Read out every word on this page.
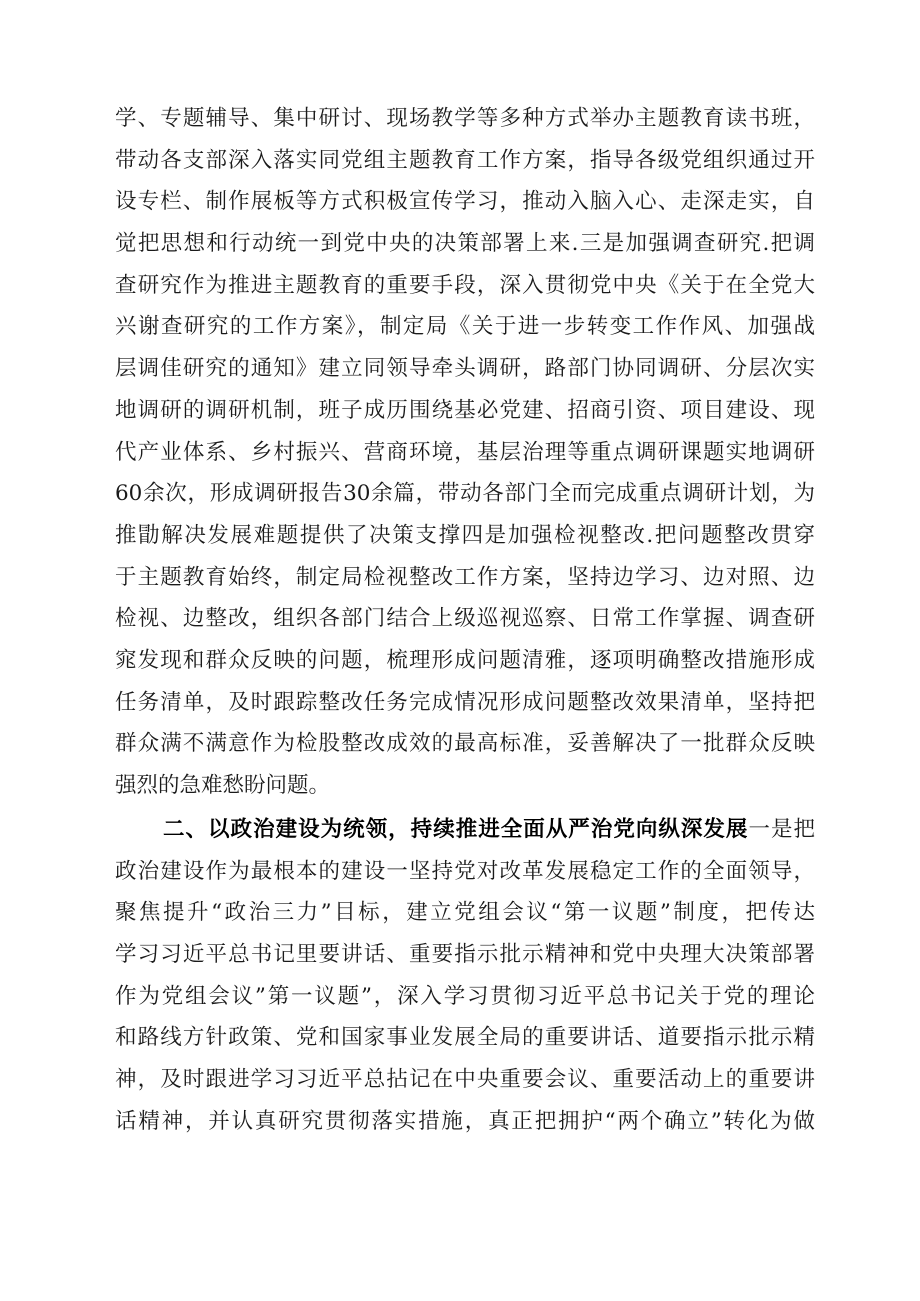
学、专题辅导、集中研讨、现场教学等多种方式举办主题教育读书班，
带动各支部深入落实同党组主题教育工作方案，指导各级党组织通过开
设专栏、制作展板等方式积极宣传学习，推动入脑入心、走深走实，自
觉把思想和行动统一到党中央的决策部署上来.三是加强调查研究.把调
查研究作为推进主题教育的重要手段，深入贯彻党中央《关于在全党大
兴谢查研究的工作方案》，制定局《关于进一步转变工作作风、加强战
层调佳研究的通知》建立同领导牵头调研，路部门协同调研、分层次实
地调研的调研机制，班子成历围绕基必党建、招商引资、项目建设、现
代产业体系、乡村振兴、营商环境，基层治理等重点调研课题实地调研
60余次，形成调研报告30余篇，带动各部门全而完成重点调研计划，为
推勖解决发展难题提供了决策支撑四是加强检视整改.把问题整改贯穿
于主题教育始终，制定局检视整改工作方案，坚持边学习、边对照、边
检视、边整改，组织各部门结合上级巡视巡察、日常工作掌握、调查研
窕发现和群众反映的问题，梳理形成问题清雅，逐项明确整改措施形成
任务清单，及时跟踪整改任务完成情况形成问题整改效果清单，坚持把
群众满不满意作为检股整改成效的最高标准，妥善解决了一批群众反映
强烈的急难愁盼问题。
二、以政治建设为统领，持续推进全面从严治党向纵深发展一是把
政治建设作为最根本的建设一坚持党对改革发展稳定工作的全面领导，
聚焦提升“政治三力”目标，建立党组会议“第一议题”制度，把传达
学习习近平总书记里要讲话、重要指示批示精神和党中央理大决策部署
作为党组会议”第一议题”，深入学习贯彻习近平总书记关于党的理论
和路线方针政策、党和国家事业发展全局的重要讲话、道要指示批示精
神，及时跟进学习习近平总拈记在中央重要会议、重要活动上的重要讲
话精神，并认真研究贯彻落实措施，真正把拥护“两个确立”转化为做
